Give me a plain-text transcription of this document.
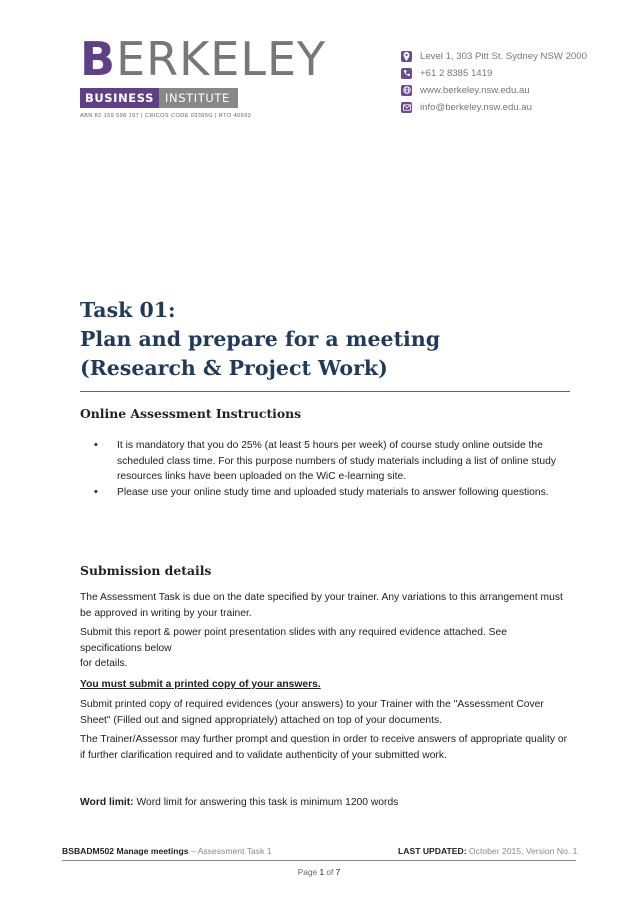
BERKELEY
BUSINESS INSTITUTE
ABN 82 159 598 197 | CRICOS CODE 03395G | RTO 40693
Level 1, 303 Pitt St. Sydney NSW 2000
+61 2 8385 1419
www.berkeley.nsw.edu.au
info@berkeley.nsw.edu.au
Task 01:
Plan and prepare for a meeting
(Research & Project Work)
Online Assessment Instructions
• It is mandatory that you do 25% (at least 5 hours per week) of course study online outside the scheduled class time. For this purpose numbers of study materials including a list of online study resources links have been uploaded on the WiC e-learning site.
• Please use your online study time and uploaded study materials to answer following questions.
Submission details

The Assessment Task is due on the date specified by your trainer. Any variations to this arrangement must be approved in writing by your trainer.

Submit this report & power point presentation slides with any required evidence attached. See specifications below
for details.

You must submit a printed copy of your answers.

Submit printed copy of required evidences (your answers) to your Trainer with the "Assessment Cover Sheet" (Filled out and signed appropriately) attached on top of your documents.

The Trainer/Assessor may further prompt and question in order to receive answers of appropriate quality or if further clarification required and to validate authenticity of your submitted work.

Word limit: Word limit for answering this task is minimum 1200 words

BSBADM502 Manage meetings – Assessment Task 1	LAST UPDATED: October 2015, Version No. 1
Page 1 of 7
